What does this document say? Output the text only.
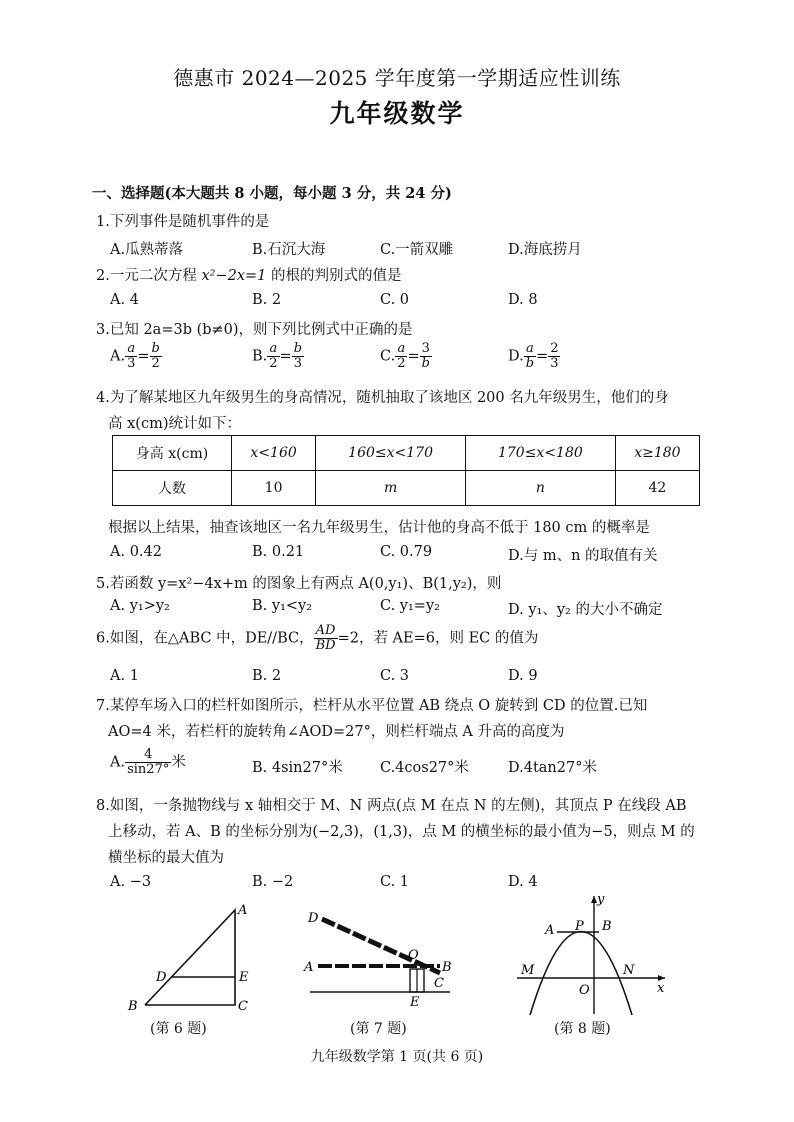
德惠市 2024—2025 学年度第一学期适应性训练
九年级数学
一、选择题(本大题共 8 小题，每小题 3 分，共 24 分)
1.下列事件是随机事件的是
A.瓜熟蒂落	B.石沉大海	C.一箭双雕	D.海底捞月
2.一元二次方程 x²−2x=1 的根的判别式的值是
A. 4	B. 2	C. 0	D. 8
3.已知 2a=3b (b≠0)，则下列比例式中正确的是
A. $\frac{a}{3} = \frac{b}{2}$	B. $\frac{a}{2} = \frac{b}{3}$	C. $\frac{a}{2} = \frac{3}{b}$	D. $\frac{a}{b} = \frac{2}{3}$
4.为了解某地区九年级男生的身高情况，随机抽取了该地区 200 名九年级男生，他们的身
高 x(cm)统计如下：
身高 x(cm)	x<160	160≤x<170	170≤x<180	x≥180
人数	10	m	n	42
根据以上结果，抽查该地区一名九年级男生，估计他的身高不低于 180 cm 的概率是
A. 0.42	B. 0.21	C. 0.79	D.与 m、n 的取值有关
5.若函数 y=x²−4x+m 的图象上有两点 A(0,y₁)、B(1,y₂)，则
A. y₁>y₂	B. y₁<y₂	C. y₁=y₂	D. y₁、y₂ 的大小不确定
6.如图，在△ABC 中，DE//BC， $\frac{AD}{BD} =2$，若 AE=6，则 EC 的值为
A. 1	B. 2	C. 3	D. 9
7.某停车场入口的栏杆如图所示，栏杆从水平位置 AB 绕点 O 旋转到 CD 的位置.已知
AO=4 米，若栏杆的旋转角∠AOD=27°，则栏杆端点 A 升高的高度为
A. $\frac{4}{\sin 27^\circ}$ 米	B. 4sin27°米	C.4cos27°米	D.4tan27°米
8.如图，一条抛物线与 x 轴相交于 M、N 两点(点 M 在点 N 的左侧)，其顶点 P 在线段 AB
上移动，若 A、B 的坐标分别为(−2,3)，(1,3)，点 M 的横坐标的最小值为−5，则点 M 的
横坐标的最大值为
A. −3	B. −2	C. 1	D. 4
A
D	E
B	C
(第 6 题)
D
A
O
B
C
E
(第 7 题)
y
A P B
M	N
O	x
(第 8 题)
九年级数学第 1 页(共 6 页)
